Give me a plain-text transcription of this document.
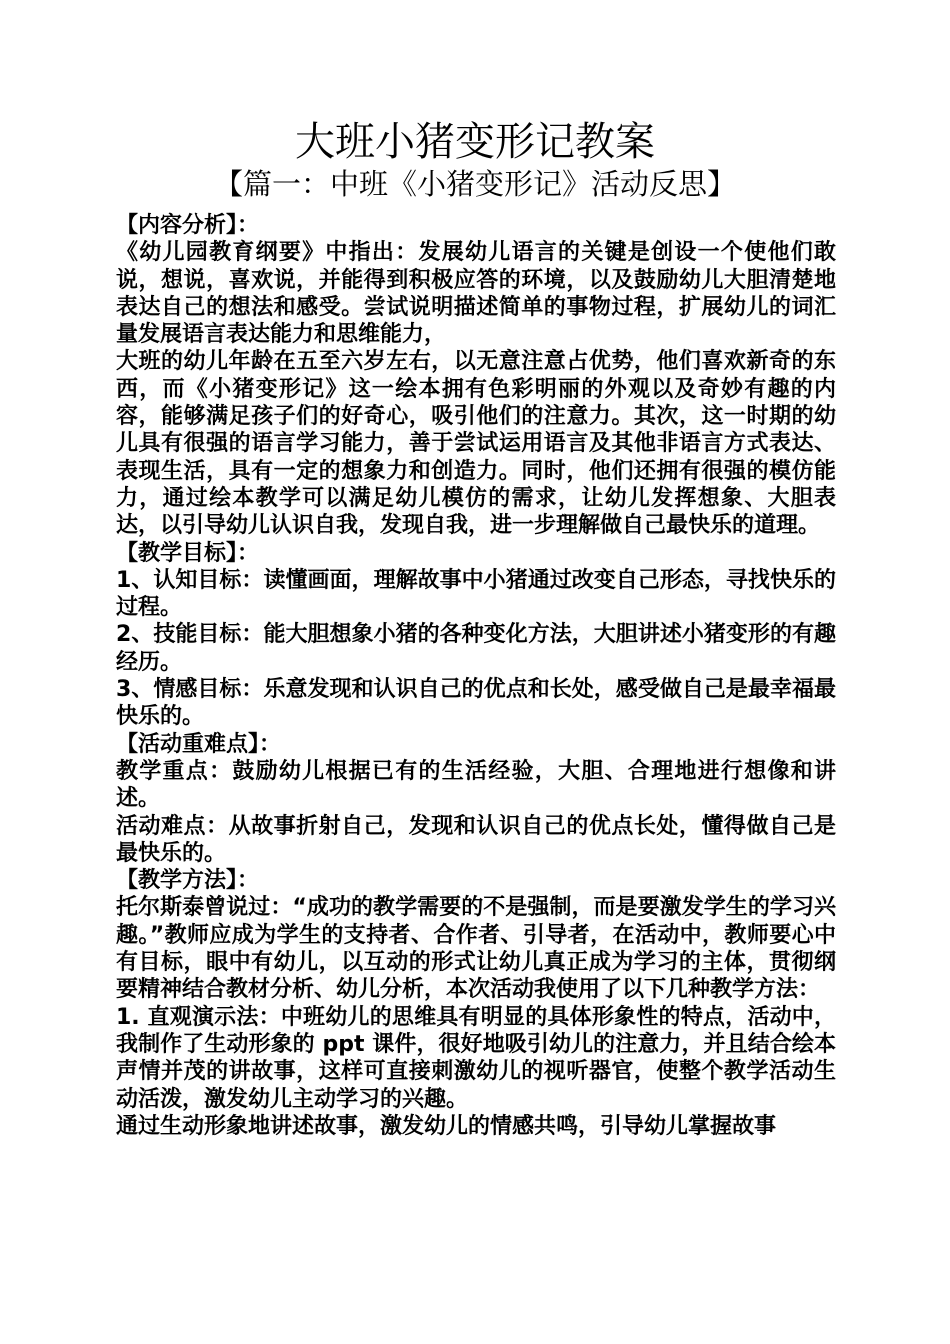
大班小猪变形记教案
【篇一：中班《小猪变形记》活动反思】

【内容分析】：

《幼儿园教育纲要》中指出：发展幼儿语言的关键是创设一个使他们敢说，想说，喜欢说，并能得到积极应答的环境，以及鼓励幼儿大胆清楚地表达自己的想法和感受。尝试说明描述简单的事物过程，扩展幼儿的词汇量发展语言表达能力和思维能力，

大班的幼儿年龄在五至六岁左右，以无意注意占优势，他们喜欢新奇的东西，而《小猪变形记》这一绘本拥有色彩明丽的外观以及奇妙有趣的内容，能够满足孩子们的好奇心，吸引他们的注意力。其次，这一时期的幼儿具有很强的语言学习能力，善于尝试运用语言及其他非语言方式表达、表现生活，具有一定的想象力和创造力。同时，他们还拥有很强的模仿能力，通过绘本教学可以满足幼儿模仿的需求，让幼儿发挥想象、大胆表达，以引导幼儿认识自我，发现自我，进一步理解做自己最快乐的道理。

【教学目标】：

1、认知目标：读懂画面，理解故事中小猪通过改变自己形态，寻找快乐的过程。

2、技能目标：能大胆想象小猪的各种变化方法，大胆讲述小猪变形的有趣经历。

3、情感目标：乐意发现和认识自己的优点和长处，感受做自己是最幸福最快乐的。

【活动重难点】：

教学重点：鼓励幼儿根据已有的生活经验，大胆、合理地进行想像和讲述。

活动难点：从故事折射自己，发现和认识自己的优点长处，懂得做自己是最快乐的。

【教学方法】：

托尔斯泰曾说过：“成功的教学需要的不是强制，而是要激发学生的学习兴趣。”教师应成为学生的支持者、合作者、引导者，在活动中，教师要心中有目标，眼中有幼儿，以互动的形式让幼儿真正成为学习的主体，贯彻纲要精神结合教材分析、幼儿分析，本次活动我使用了以下几种教学方法：

1. 直观演示法：中班幼儿的思维具有明显的具体形象性的特点，活动中，我制作了生动形象的 ppt 课件，很好地吸引幼儿的注意力，并且结合绘本声情并茂的讲故事，这样可直接刺激幼儿的视听器官，使整个教学活动生动活泼，激发幼儿主动学习的兴趣。

通过生动形象地讲述故事，激发幼儿的情感共鸣，引导幼儿掌握故事
